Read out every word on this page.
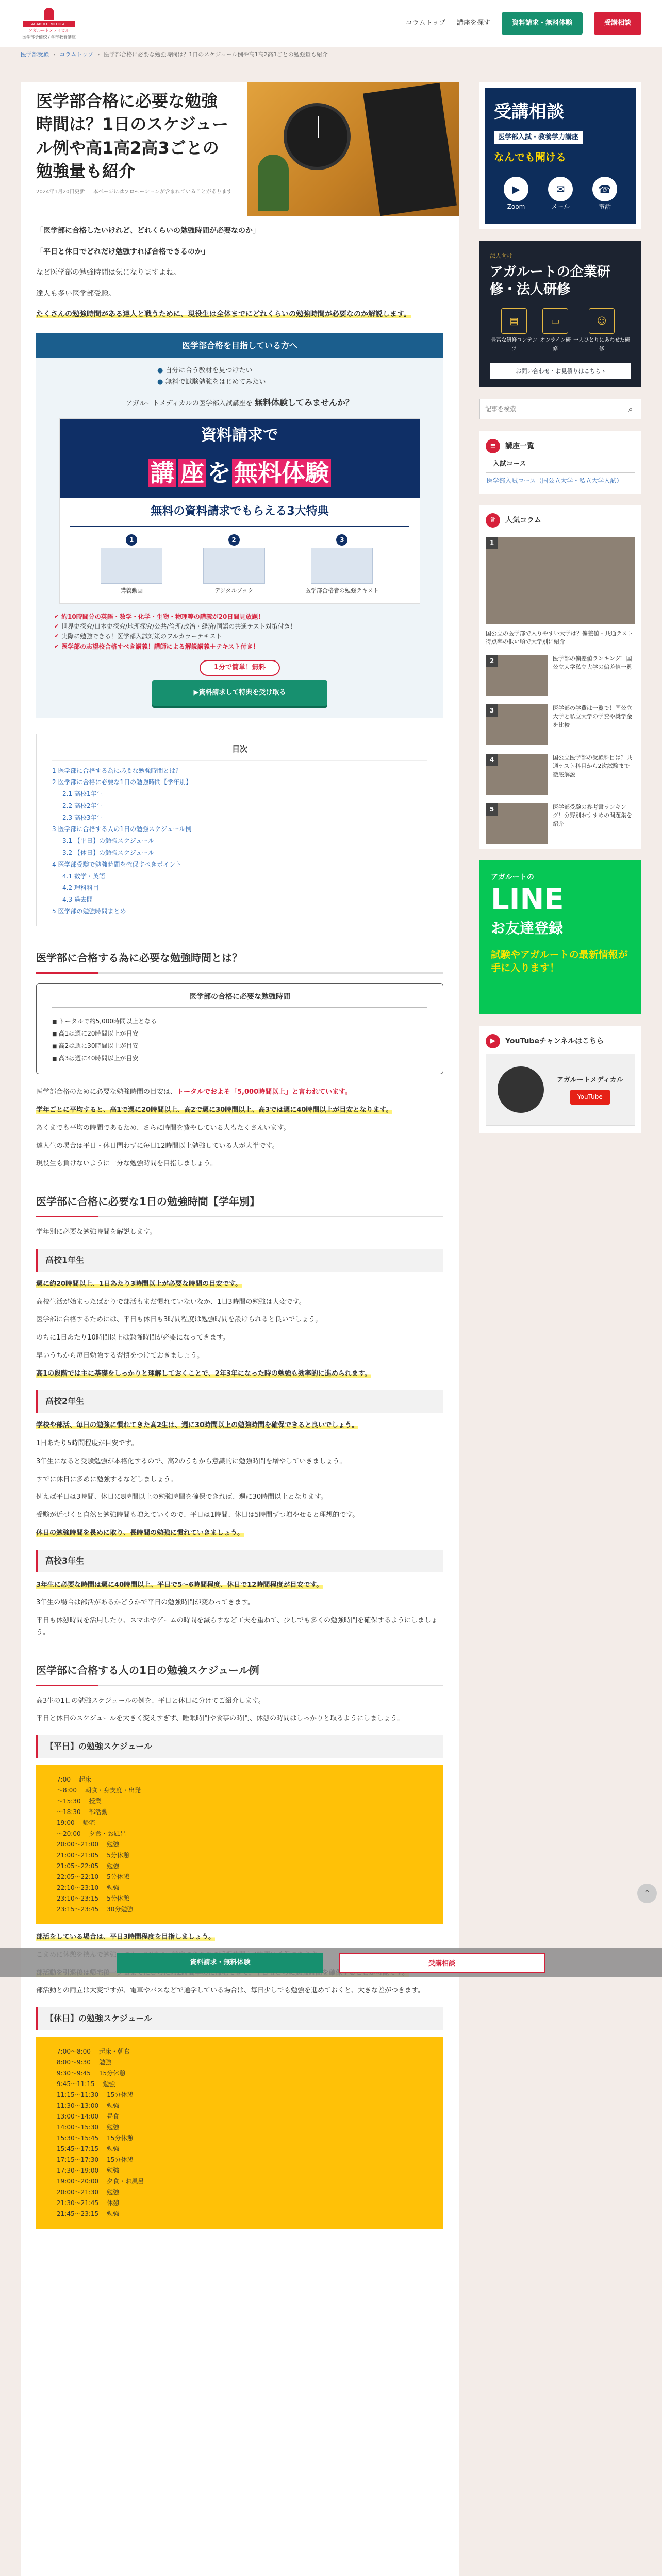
AGAROOT MEDICAL
アガルートメディカル
医学部予備校 / 学部教養講座
コラムトップ 講座を探す	資料請求・無料体験	受講相談
医学部受験 › コラムトップ › 医学部合格に必要な勉強時間は？1日のスケジュール例や高1高2高3ごとの勉強量も紹介
医学部合格に必要な勉強時間は？1日のスケジュール例や高1高2高3ごとの勉強量も紹介
2024年1月20日更新 本ページにはプロモーションが含まれていることがあります

「医学部に合格したいけれど、どれくらいの勉強時間が必要なのか」

「平日と休日でどれだけ勉強すれば合格できるのか」

など医学部の勉強時間は気になりますよね。

達人も多い医学部受験。

たくさんの勉強時間がある達人と戦うために、現役生は全体までにどれくらいの勉強時間が必要なのか解説します。

医学部合格を目指している方へ
● 自分に合う教材を見つけたい
● 無料で試験勉強をはじめてみたい
アガルートメディカルの医学部入試講座を 無料体験してみませんか？
資料請求で
講 座 を 無料体験
無料の資料請求でもらえる3大特典
1
講義動画
2
デジタルブック
3
医学部合格者の勉強テキスト
✔ 約10時間分の英語・数学・化学・生物・物理等の講義が20日間見放題！
✔ 世界史探究/日本史探究/地理探究/公共/倫理/政治・経済/国語の共通テスト対策付き！
✔ 実際に勉強できる！医学部入試対策のフルカラーテキスト
✔ 医学部の志望校合格すべき講義！講師による解説講義＋テキスト付き！
1分で簡単！無料
▶資料請求して特典を受け取る
目次
1 医学部に合格する為に必要な勉強時間とは？
2 医学部に合格に必要な1日の勉強時間【学年別】
2.1 高校1年生
2.2 高校2年生
2.3 高校3年生
3 医学部に合格する人の1日の勉強スケジュール例
3.1 【平日】の勉強スケジュール
3.2 【休日】の勉強スケジュール
4 医学部受験で勉強時間を確保すべきポイント
4.1 数学・英語
4.2 理科科目
4.3 過去問
5 医学部の勉強時間まとめ
医学部に合格する為に必要な勉強時間とは？
医学部の合格に必要な勉強時間
■ トータルで約5,000時間以上となる
■ 高1は週に20時間以上が目安
■ 高2は週に30時間以上が目安
■ 高3は週に40時間以上が目安

医学部合格のために必要な勉強時間の目安は、トータルでおよそ「5,000時間以上」と言われています。

学年ごとに平均すると、高1で週に20時間以上、高2で週に30時間以上、高3では週に40時間以上が目安となります。

あくまでも平均の時間であるため、さらに時間を費やしている人もたくさんいます。

達人生の場合は平日・休日問わずに毎日12時間以上勉強している人が大半です。

現役生も負けないように十分な勉強時間を目指しましょう。

医学部に合格に必要な1日の勉強時間【学年別】

学年別に必要な勉強時間を解説します。

高校1年生

週に約20時間以上、1日あたり3時間以上が必要な時間の目安です。

高校生活が始まったばかりで部活もまだ慣れていないなか、1日3時間の勉強は大変です。

医学部に合格するためには、平日も休日も3時間程度は勉強時間を設けられると良いでしょう。

のちに1日あたり10時間以上は勉強時間が必要になってきます。

早いうちから毎日勉強する習慣をつけておきましょう。

高1の段階では主に基礎をしっかりと理解しておくことで、2年3年になった時の勉強も効率的に進められます。

高校2年生

学校や部活、毎日の勉強に慣れてきた高2生は、週に30時間以上の勉強時間を確保できると良いでしょう。

1日あたり5時間程度が目安です。

3年生になると受験勉強が本格化するので、高2のうちから意識的に勉強時間を増やしていきましょう。

すでに休日に多めに勉強するなどしましょう。

例えば平日は3時間、休日に8時間以上の勉強時間を確保できれば、週に30時間以上となります。

受験が近づくと自然と勉強時間も増えていくので、平日は1時間、休日は5時間ずつ増やせると理想的です。

休日の勉強時間を長めに取り、長時間の勉強に慣れていきましょう。

高校3年生

3年生に必要な時間は週に40時間以上、平日で5〜6時間程度、休日で12時間程度が目安です。

3年生の場合は部活があるかどうかで平日の勉強時間が変わってきます。

平日も休憩時間を活用したり、スマホやゲームの時間を減らすなど工夫を重ねて、少しでも多くの勉強時間を確保するようにしましょう。

医学部に合格する人の1日の勉強スケジュール例

高3生の1日の勉強スケジュールの例を、平日と休日に分けてご紹介します。

平日と休日のスケジュールを大きく変えすぎず、睡眠時間や食事の時間、休憩の時間はしっかりと取るようにしましょう。

【平日】の勉強スケジュール
7:00 起床
〜8:00 朝食・身支度・出発
〜15:30 授業
〜18:30 部活動
19:00 帰宅
〜20:00 夕食・お風呂
20:00〜21:00 勉強
21:00〜21:05 5分休憩
21:05〜22:05 勉強
22:05〜22:10 5分休憩
22:10〜23:10 勉強
23:10〜23:15 5分休憩
23:15〜23:45 30分勉強

部活をしている場合は、平日3時間程度を目指しましょう。

部活動との両立は大変ですが、電車やバスなどで通学している場合は、毎日少しでも勉強を進めておくと、大きな差がつきます。

【休日】の勉強スケジュール
7:00〜8:00 起床・朝食
8:00〜9:30 勉強
9:30〜9:45 15分休憩
9:45〜11:15 勉強
11:15〜11:30 15分休憩
11:30〜13:00 勉強
13:00〜14:00 昼食
14:00〜15:30 勉強
15:30〜15:45 15分休憩
15:45〜17:15 勉強
17:15〜17:30 15分休憩
17:30〜19:00 勉強
19:00〜20:00 夕食・お風呂
20:00〜21:30 勉強
21:30〜21:45 休憩
21:45〜23:15 勉強
受講相談
医学部入試・教養学力講座
なんでも聞ける
▶
Zoom
✉
メール
☎
電話
法人向け
アガルートの企業研修・法人研修
▤
豊富な研修コンテンツ
▭
オンライン研修
☺
一人ひとりにあわせた研修
お問い合わせ・お見積りはこちら ›
記事を検索
⌕
≡	講座一覧
入試コース
医学部入試コース（国公立大学・私立大学入試）
♛	人気コラム
1
国公立の医学部で入りやすい大学は？偏差値・共通テスト得点率の低い順で大学別に紹介
2	医学部の偏差値ランキング！国公立大学私立大学の偏差値一覧
3	医学部の学費は一覧で！国公立大学と私立大学の学費や奨学金を比較
4	国公立医学部の受験科目は？共通テスト科目から2次試験まで徹底解説
5	医学部受験の参考書ランキング！分野別おすすめの問題集を紹介
アガルートの
LINE
お友達登録
試験やアガルートの最新情報が手に入ります！
▶	YouTubeチャンネルはこちら
アガルートメディカル
YouTube
⌃
資料請求・無料体験	受講相談
